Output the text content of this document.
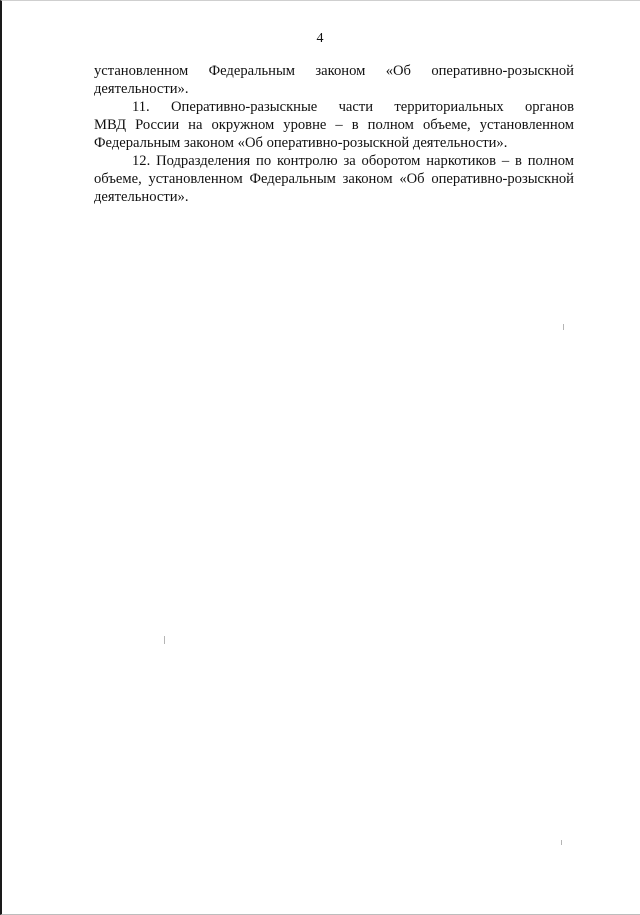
4

установленном Федеральным законом «Об оперативно-розыскной

деятельности».

11. Оперативно-разыскные части территориальных органов

МВД России на окружном уровне – в полном объеме, установленном

Федеральным законом «Об оперативно-розыскной деятельности».

12. Подразделения по контролю за оборотом наркотиков – в полном

объеме, установленном Федеральным законом «Об оперативно-розыскной

деятельности».
